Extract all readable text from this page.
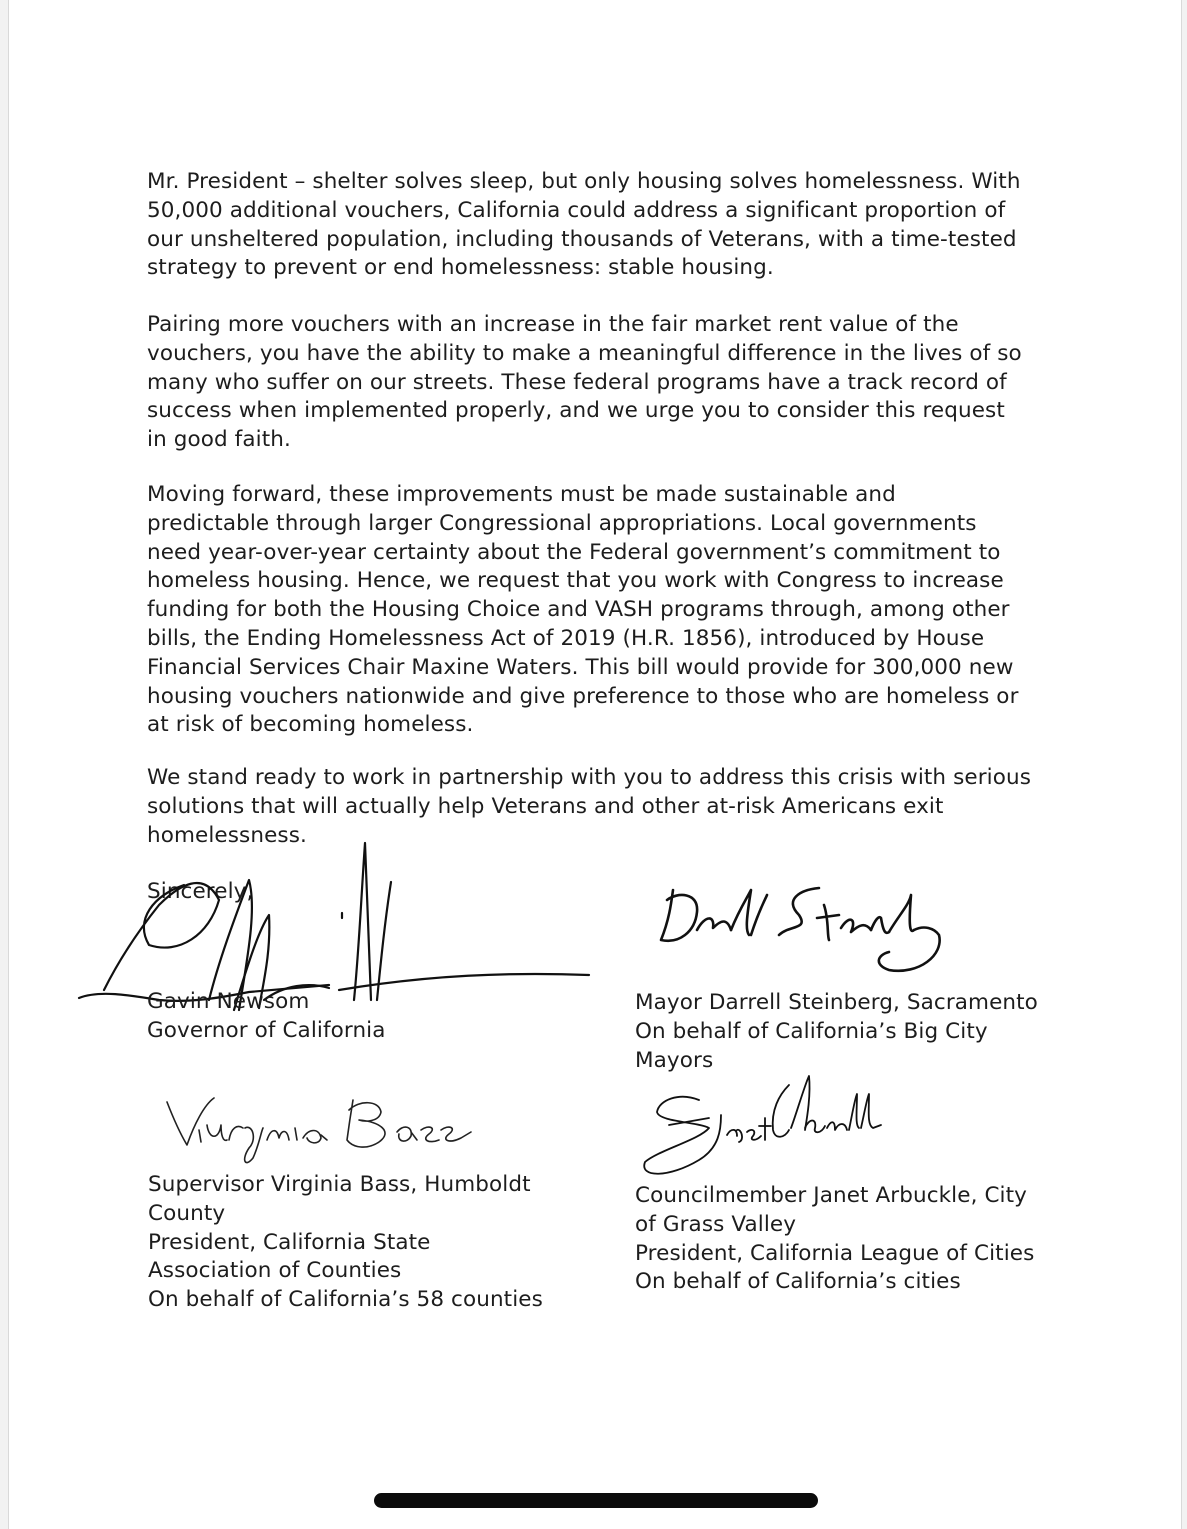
Mr. President – shelter solves sleep, but only housing solves homelessness. With
50,000 additional vouchers, California could address a significant proportion of
our unsheltered population, including thousands of Veterans, with a time-tested
strategy to prevent or end homelessness: stable housing.

Pairing more vouchers with an increase in the fair market rent value of the
vouchers, you have the ability to make a meaningful difference in the lives of so
many who suffer on our streets. These federal programs have a track record of
success when implemented properly, and we urge you to consider this request
in good faith.

Moving forward, these improvements must be made sustainable and
predictable through larger Congressional appropriations. Local governments
need year-over-year certainty about the Federal government’s commitment to
homeless housing. Hence, we request that you work with Congress to increase
funding for both the Housing Choice and VASH programs through, among other
bills, the Ending Homelessness Act of 2019 (H.R. 1856), introduced by House
Financial Services Chair Maxine Waters. This bill would provide for 300,000 new
housing vouchers nationwide and give preference to those who are homeless or
at risk of becoming homeless.

We stand ready to work in partnership with you to address this crisis with serious
solutions that will actually help Veterans and other at-risk Americans exit
homelessness.

Sincerely,
Gavin Newsom
Governor of California
Mayor Darrell Steinberg, Sacramento
On behalf of California’s Big City
Mayors
Supervisor Virginia Bass, Humboldt
County
President, California State
Association of Counties
On behalf of California’s 58 counties
Councilmember Janet Arbuckle, City
of Grass Valley
President, California League of Cities
On behalf of California’s cities
